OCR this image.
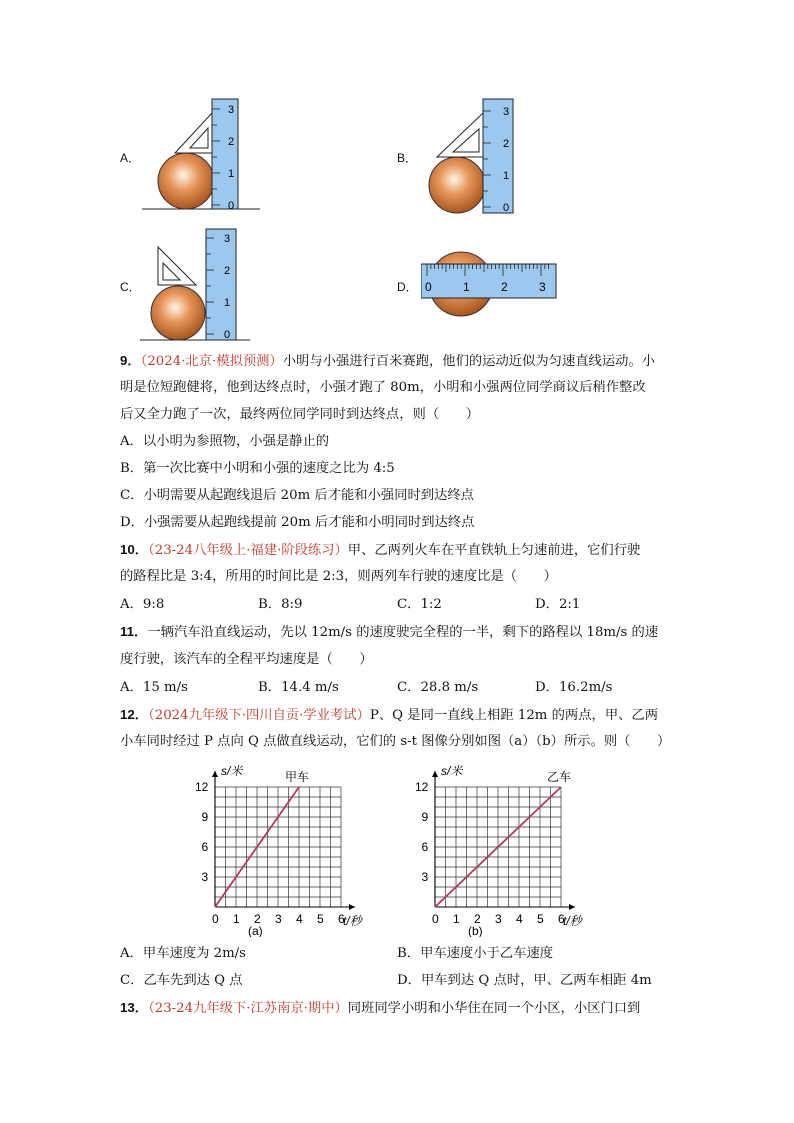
A．
0
1
2
3
B．
0
1
2
3
C．
0
1
2
3
D． 0	1	2	3
9．（2024·北京·模拟预测）小明与小强进行百米赛跑，他们的运动近似为匀速直线运动。小
明是位短跑健将，他到达终点时，小强才跑了 80m，小明和小强两位同学商议后稍作整改
后又全力跑了一次，最终两位同学同时到达终点，则（　　）
A．以小明为参照物，小强是静止的
B．第一次比赛中小明和小强的速度之比为 4:5
C．小明需要从起跑线退后 20m 后才能和小强同时到达终点
D．小强需要从起跑线提前 20m 后才能和小明同时到达终点
10．（23-24八年级上·福建·阶段练习）甲、乙两列火车在平直铁轨上匀速前进，它们行驶
的路程比是 3:4，所用的时间比是 2:3，则两列车行驶的速度比是（　　）
A．9:8	B．8:9	C．1:2	D．2:1
11．一辆汽车沿直线运动，先以 12m/s 的速度驶完全程的一半，剩下的路程以 18m/s 的速
度行驶，该汽车的全程平均速度是（　　）
A．15 m/s	B．14.4 m/s	C．28.8 m/s	D．16.2m/s
12．（2024九年级下·四川自贡·学业考试）P、Q 是同一直线上相距 12m 的两点，甲、乙两
小车同时经过 P 点向 Q 点做直线运动，它们的 s-t 图像分别如图（a）（b）所示。则（　　）
0 1 2 3 4 5 6
3
6
9
12
t/秒
s/米	甲车
(a)
0 1 2 3 4 5 6
3
6
9
12
t/秒
s/米	乙车
(b)
A．甲车速度为 2m/s	B．甲车速度小于乙车速度
C．乙车先到达 Q 点	D．甲车到达 Q 点时，甲、乙两车相距 4m
13．（23-24九年级下·江苏南京·期中）同班同学小明和小华住在同一个小区，小区门口到
